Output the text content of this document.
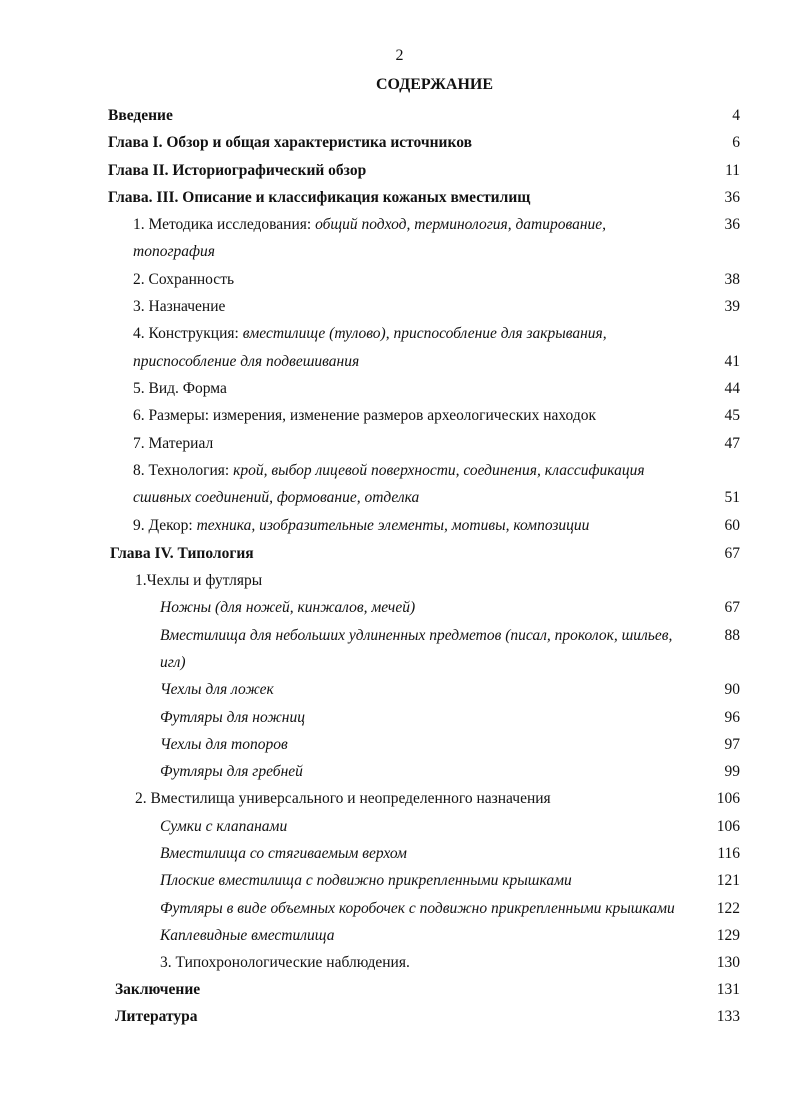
2
СОДЕРЖАНИЕ
Введение	4
Глава I. Обзор и общая характеристика источников	6
Глава II. Историографический обзор	11
Глава. III. Описание и классификация кожаных вместилищ	36
1. Методика исследования: общий подход, терминология, датирование,	36
топография
2. Сохранность	38
3. Назначение	39
4. Конструкция: вместилище (тулово), приспособление для закрывания,
приспособление для подвешивания	41
5. Вид. Форма	44
6. Размеры: измерения, изменение размеров археологических находок	45
7. Материал	47
8. Технология: крой, выбор лицевой поверхности, соединения, классификация
сшивных соединений, формование, отделка	51
9. Декор: техника, изобразительные элементы, мотивы, композиции	60
Глава IV. Типология	67
1.Чехлы и футляры
Ножны (для ножей, кинжалов, мечей)	67
Вместилища для небольших удлиненных предметов (писал, проколок, шильев,	88
игл)
Чехлы для ложек	90
Футляры для ножниц	96
Чехлы для топоров	97
Футляры для гребней	99
2. Вместилища универсального и неопределенного назначения	106
Сумки с клапанами	106
Вместилища со стягиваемым верхом	116
Плоские вместилища с подвижно прикрепленными крышками	121
Футляры в виде объемных коробочек с подвижно прикрепленными крышками	122
Каплевидные вместилища	129
3. Типохронологические наблюдения.	130
Заключение	131
Литература	133
